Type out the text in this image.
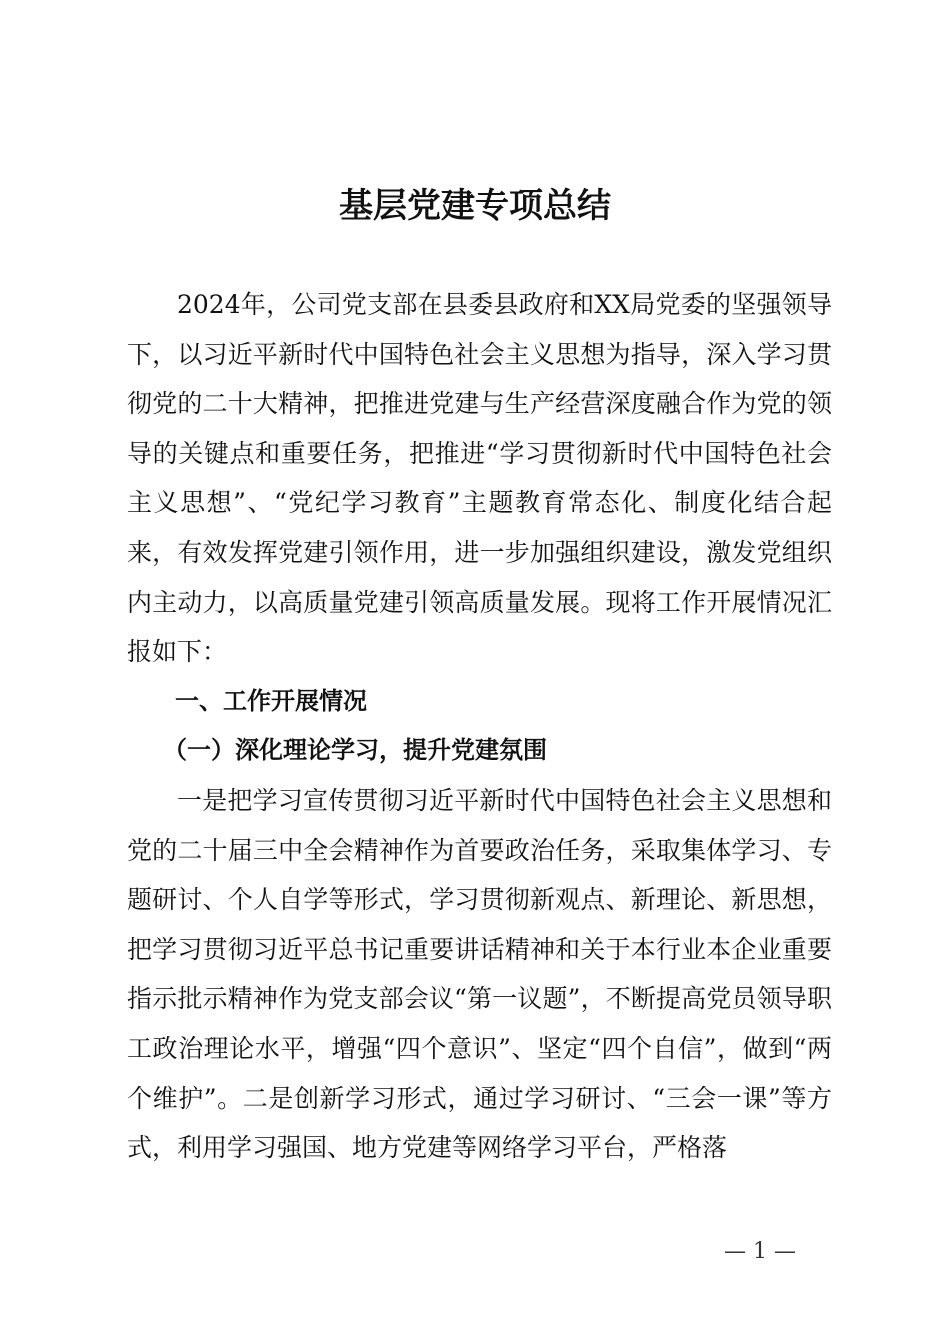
基层党建专项总结

2024年，公司党支部在县委县政府和XX局党委的坚强领导下，以习近平新时代中国特色社会主义思想为指导，深入学习贯彻党的二十大精神，把推进党建与生产经营深度融合作为党的领导的关键点和重要任务，把推进“学习贯彻新时代中国特色社会主义思想”、“党纪学习教育”主题教育常态化、制度化结合起来，有效发挥党建引领作用，进一步加强组织建设，激发党组织内主动力，以高质量党建引领高质量发展。现将工作开展情况汇报如下：

一、工作开展情况

（一）深化理论学习，提升党建氛围

一是把学习宣传贯彻习近平新时代中国特色社会主义思想和党的二十届三中全会精神作为首要政治任务，采取集体学习、专题研讨、个人自学等形式，学习贯彻新观点、新理论、新思想，把学习贯彻习近平总书记重要讲话精神和关于本行业本企业重要指示批示精神作为党支部会议“第一议题”，不断提高党员领导职工政治理论水平，增强“四个意识”、坚定“四个自信”，做到“两个维护”。二是创新学习形式，通过学习研讨、“三会一课”等方式，利用学习强国、地方党建等网络学习平台，严格落

— 1 —
